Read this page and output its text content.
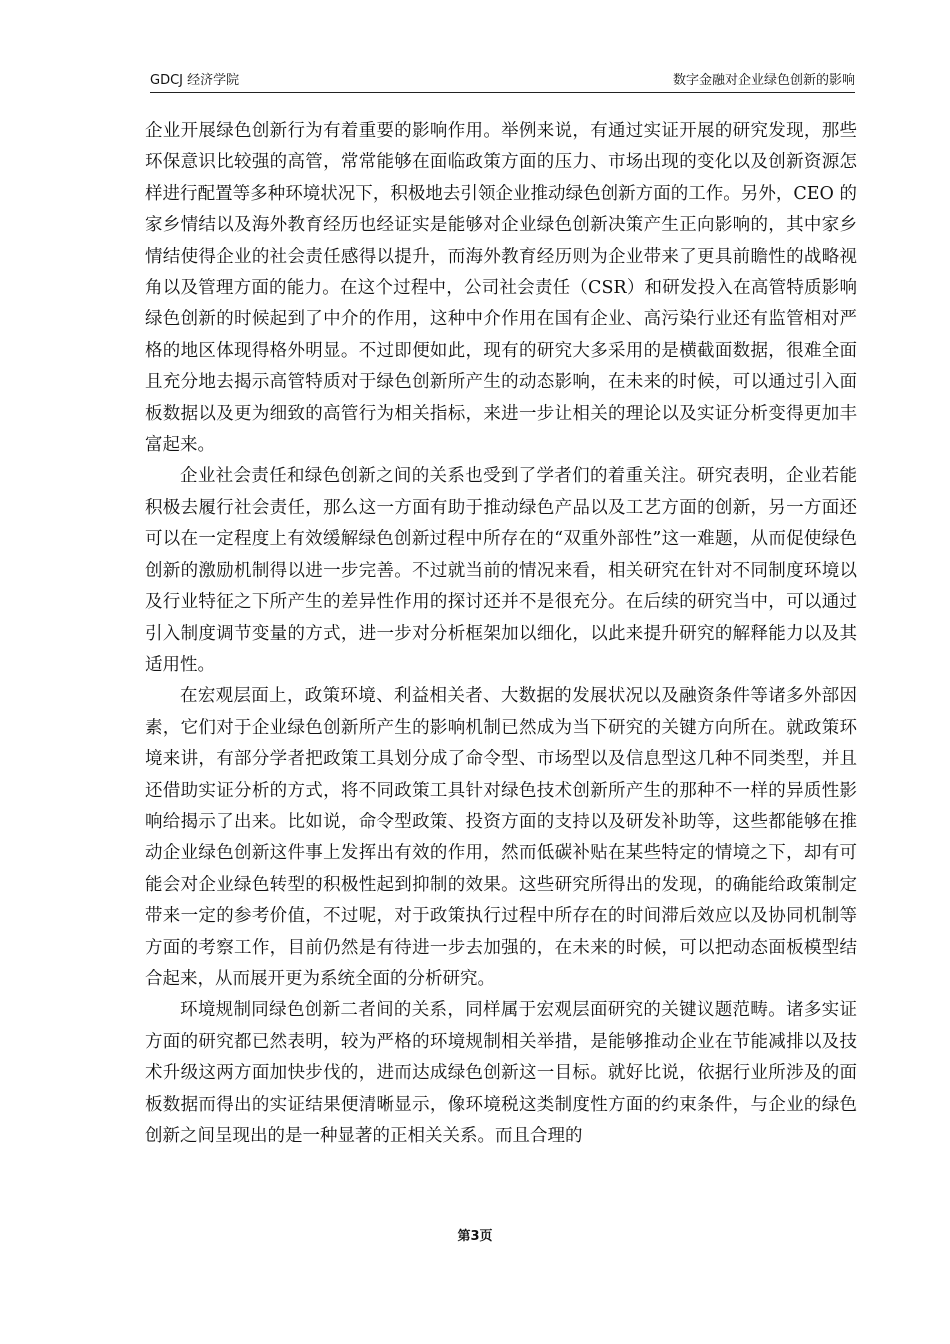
GDCJ 经济学院	数字金融对企业绿色创新的影响

企业开展绿色创新行为有着重要的影响作用。举例来说，有通过实证开展的研究发现，那些环保意识比较强的高管，常常能够在面临政策方面的压力、市场出现的变化以及创新资源怎样进行配置等多种环境状况下，积极地去引领企业推动绿色创新方面的工作。另外，CEO 的家乡情结以及海外教育经历也经证实是能够对企业绿色创新决策产生正向影响的，其中家乡情结使得企业的社会责任感得以提升，而海外教育经历则为企业带来了更具前瞻性的战略视角以及管理方面的能力。在这个过程中，公司社会责任（CSR）和研发投入在高管特质影响绿色创新的时候起到了中介的作用，这种中介作用在国有企业、高污染行业还有监管相对严格的地区体现得格外明显。不过即便如此，现有的研究大多采用的是横截面数据，很难全面且充分地去揭示高管特质对于绿色创新所产生的动态影响，在未来的时候，可以通过引入面板数据以及更为细致的高管行为相关指标，来进一步让相关的理论以及实证分析变得更加丰富起来。

企业社会责任和绿色创新之间的关系也受到了学者们的着重关注。研究表明，企业若能积极去履行社会责任，那么这一方面有助于推动绿色产品以及工艺方面的创新，另一方面还可以在一定程度上有效缓解绿色创新过程中所存在的“双重外部性”这一难题，从而促使绿色创新的激励机制得以进一步完善。不过就当前的情况来看，相关研究在针对不同制度环境以及行业特征之下所产生的差异性作用的探讨还并不是很充分。在后续的研究当中，可以通过引入制度调节变量的方式，进一步对分析框架加以细化，以此来提升研究的解释能力以及其适用性。

在宏观层面上，政策环境、利益相关者、大数据的发展状况以及融资条件等诸多外部因素，它们对于企业绿色创新所产生的影响机制已然成为当下研究的关键方向所在。就政策环境来讲，有部分学者把政策工具划分成了命令型、市场型以及信息型这几种不同类型，并且还借助实证分析的方式，将不同政策工具针对绿色技术创新所产生的那种不一样的异质性影响给揭示了出来。比如说，命令型政策、投资方面的支持以及研发补助等，这些都能够在推动企业绿色创新这件事上发挥出有效的作用，然而低碳补贴在某些特定的情境之下，却有可能会对企业绿色转型的积极性起到抑制的效果。这些研究所得出的发现，的确能给政策制定带来一定的参考价值，不过呢，对于政策执行过程中所存在的时间滞后效应以及协同机制等方面的考察工作，目前仍然是有待进一步去加强的，在未来的时候，可以把动态面板模型结合起来，从而展开更为系统全面的分析研究。

环境规制同绿色创新二者间的关系，同样属于宏观层面研究的关键议题范畴。诸多实证方面的研究都已然表明，较为严格的环境规制相关举措，是能够推动企业在节能减排以及技术升级这两方面加快步伐的，进而达成绿色创新这一目标。就好比说，依据行业所涉及的面板数据而得出的实证结果便清晰显示，像环境税这类制度性方面的约束条件，与企业的绿色创新之间呈现出的是一种显著的正相关关系。而且合理的

第3页
